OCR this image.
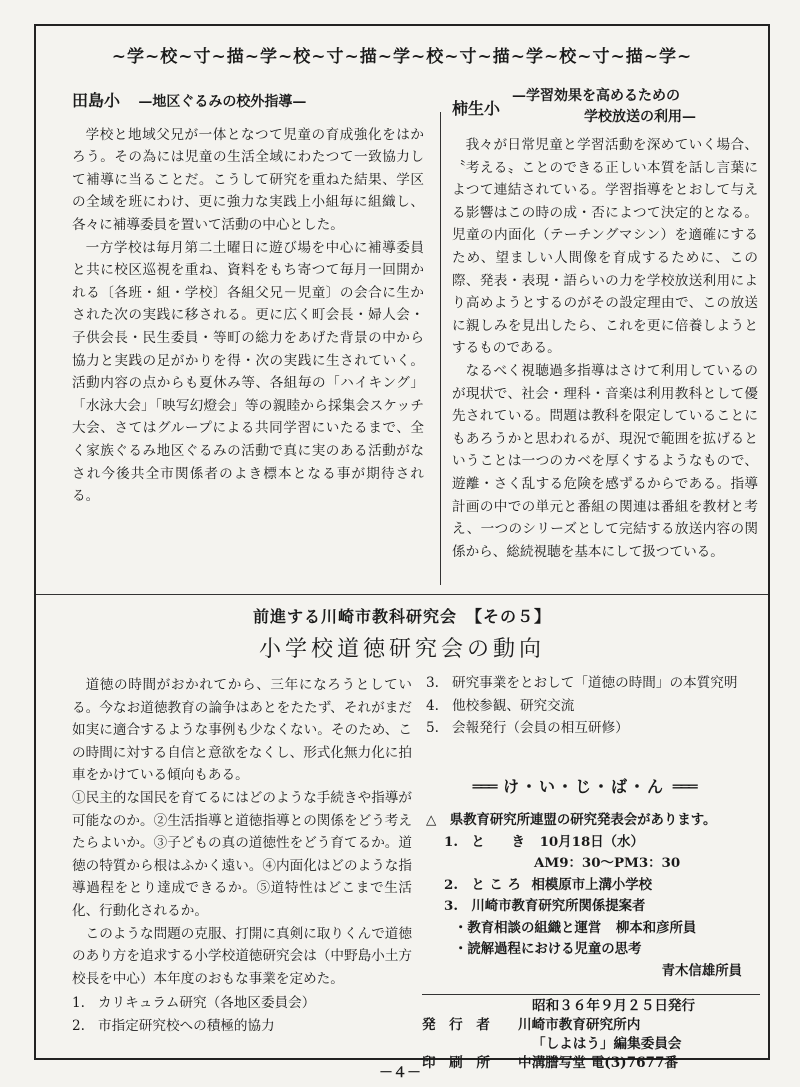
~学~校~寸~描~学~校~寸~描~学~校~寸~描~学~校~寸~描~学~
田島小 —地区ぐるみの校外指導—

学校と地域父兄が一体となつて児童の育成強化をはかろう。その為には児童の生活全域にわたつて一致協力して補導に当ることだ。こうして研究を重ねた結果、学区の全域を班にわけ、更に強力な実践上小組毎に組織し、各々に補導委員を置いて活動の中心とした。

一方学校は毎月第二土曜日に遊び場を中心に補導委員と共に校区巡視を重ね、資料をもち寄つて毎月一回開かれる〔各班・組・学校〕各組父兄－児童〕の会合に生かされた次の実践に移される。更に広く町会長・婦人会・子供会長・民生委員・等町の総力をあげた背景の中から協力と実践の足がかりを得・次の実践に生されていく。活動内容の点からも夏休み等、各組毎の「ハイキング」「水泳大会」「映写幻燈会」等の親睦から採集会スケッチ大会、さてはグループによる共同学習にいたるまで、全く家族ぐるみ地区ぐるみの活動で真に実のある活動がなされ今後共全市関係者のよき標本となる事が期待される。

柿生小
—学習効果を高めるための
学校放送の利用—

我々が日常児童と学習活動を深めていく場合、〝考える〟ことのできる正しい本質を話し言葉によつて連結されている。学習指導をとおして与える影響はこの時の成・否によつて決定的となる。児童の内面化（テーチングマシン）を適確にするため、望ましい人間像を育成するために、この際、発表・表現・語らいの力を学校放送利用により高めようとするのがその設定理由で、この放送に親しみを見出したら、これを更に倍養しようとするものである。

なるべく視聴過多指導はさけて利用しているのが現状で、社会・理科・音楽は利用教科として優先されている。問題は教科を限定していることにもあろうかと思われるが、現況で範囲を拡げるということは一つのカベを厚くするようなもので、遊離・さく乱する危険を感ずるからである。指導計画の中での単元と番組の関連は番組を教材と考え、一つのシリーズとして完結する放送内容の関係から、総続視聴を基本にして扱つている。

前進する川崎市教科研究会　【その５】
小学校道徳研究会の動向

道徳の時間がおかれてから、三年になろうとしている。今なお道徳教育の論争はあとをたたず、それがまだ如実に適合するような事例も少なくない。そのため、この時間に対する自信と意欲をなくし、形式化無力化に拍車をかけている傾向もある。

①民主的な国民を育てるにはどのような手続きや指導が可能なのか。②生活指導と道徳指導との関係をどう考えたらよいか。③子どもの真の道徳性をどう育てるか。道徳の特質から根はふかく遠い。④内面化はどのような指導過程をとり達成できるか。⑤道特性はどこまで生活化、行動化されるか。

このような問題の克服、打開に真剣に取りくんで道徳のあり方を追求する小学校道徳研究会は（中野島小土方校長を中心）本年度のおもな事業を定めた。

1. カリキュラム研究（各地区委員会）
2. 市指定研究校への積極的協力
3. 研究事業をとおして「道徳の時間」の本質究明
4. 他校参観、研究交流
5. 会報発行（会員の相互研修）
═══ け・い・じ・ば・ん ═══
△　県教育研究所連盟の研究発表会があります。
1.　と　　き 10月18日（水）
AM9：30〜PM3：30
2.　と こ ろ 相模原市上溝小学校
3.　川崎市教育研究所関係提案者
・教育相談の組織と運営 柳本和彦所員
・読解過程における児童の思考
青木信雄所員
昭和３６年９月２５日発行
発　行　者	川崎市教育研究所内
「しよはう」編集委員会
印　刷　所	中溝謄写堂 電(3)7677番
－４－
